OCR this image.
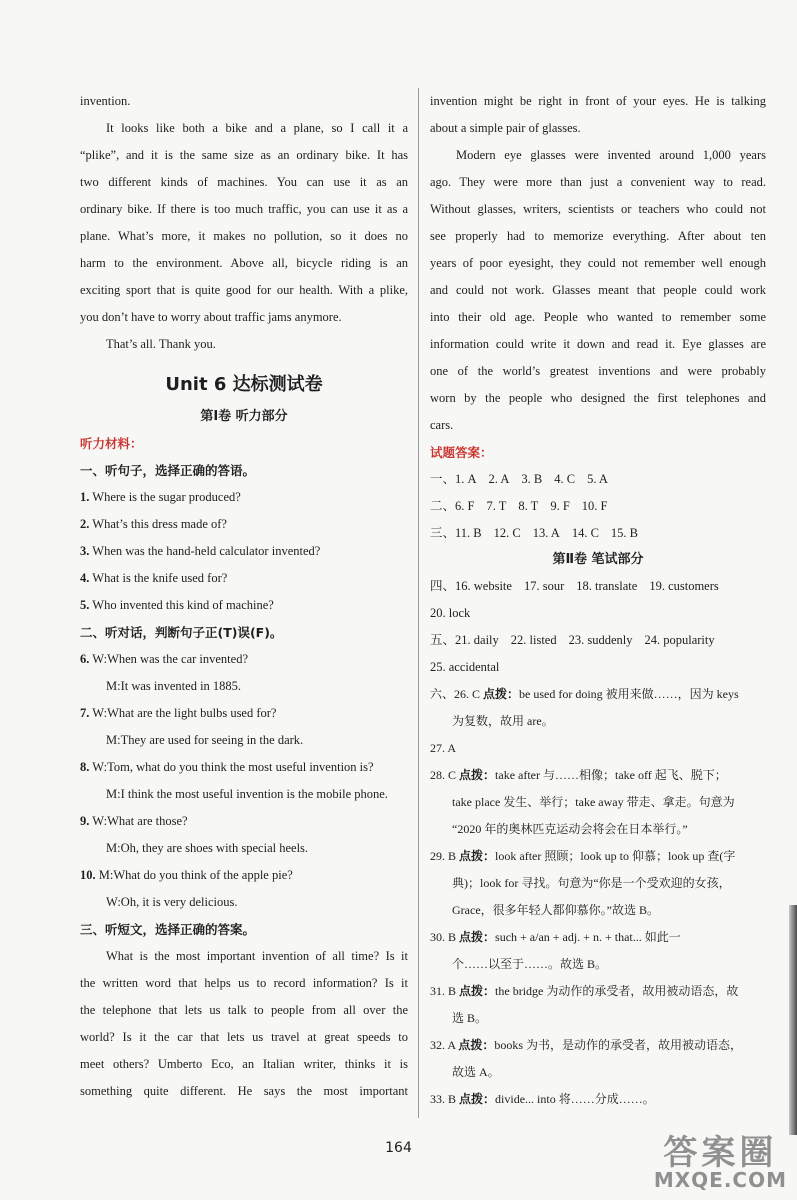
invention.

It looks like both a bike and a plane, so I call it a

“plike”, and it is the same size as an ordinary bike. It has

two different kinds of machines. You can use it as an

ordinary bike. If there is too much traffic, you can use it as a

plane. What’s more, it makes no pollution, so it does no

harm to the environment. Above all, bicycle riding is an

exciting sport that is quite good for our health. With a plike,

you don’t have to worry about traffic jams anymore.

That’s all. Thank you.

Unit 6 达标测试卷
第Ⅰ卷 听力部分
听力材料：
一、听句子，选择正确的答语。

1. Where is the sugar produced?

2. What’s this dress made of?

3. When was the hand-held calculator invented?

4. What is the knife used for?

5. Who invented this kind of machine?

二、听对话，判断句子正(T)误(F)。

6. W:When was the car invented?

M:It was invented in 1885.

7. W:What are the light bulbs used for?

M:They are used for seeing in the dark.

8. W:Tom, what do you think the most useful invention is?

M:I think the most useful invention is the mobile phone.

9. W:What are those?

M:Oh, they are shoes with special heels.

10. M:What do you think of the apple pie?

W:Oh, it is very delicious.

三、听短文，选择正确的答案。

What is the most important invention of all time? Is it

the written word that helps us to record information? Is it

the telephone that lets us talk to people from all over the

world? Is it the car that lets us travel at great speeds to

meet others? Umberto Eco, an Italian writer, thinks it is

something quite different. He says the most important

invention might be right in front of your eyes. He is talking

about a simple pair of glasses.

Modern eye glasses were invented around 1,000 years

ago. They were more than just a convenient way to read.

Without glasses, writers, scientists or teachers who could not

see properly had to memorize everything. After about ten

years of poor eyesight, they could not remember well enough

and could not work. Glasses meant that people could work

into their old age. People who wanted to remember some

information could write it down and read it. Eye glasses are

one of the world’s greatest inventions and were probably

worn by the people who designed the first telephones and

cars.

试题答案：
一、1. A 2. A 3. B 4. C 5. A
二、6. F 7. T 8. T 9. F 10. F
三、11. B 12. C 13. A 14. C 15. B
第Ⅱ卷 笔试部分
四、16. website 17. sour 18. translate 19. customers
20. lock
五、21. daily 22. listed 23. suddenly 24. popularity
25. accidental
六、26. C 点拨：be used for doing 被用来做……，因为 keys
为复数，故用 are。
27. A
28. C 点拨：take after 与……相像；take off 起飞、脱下；
take place 发生、举行；take away 带走、拿走。句意为
“2020 年的奥林匹克运动会将会在日本举行。”
29. B 点拨：look after 照顾；look up to 仰慕；look up 查(字
典)；look for 寻找。句意为“你是一个受欢迎的女孩，
Grace，很多年轻人都仰慕你。”故选 B。
30. B 点拨：such + a/an + adj. + n. + that... 如此一
个……以至于……。故选 B。
31. B 点拨：the bridge 为动作的承受者，故用被动语态，故
选 B。
32. A 点拨：books 为书，是动作的承受者，故用被动语态，
故选 A。
33. B 点拨：divide... into 将……分成……。
164	答案圈
MXQE.COM
